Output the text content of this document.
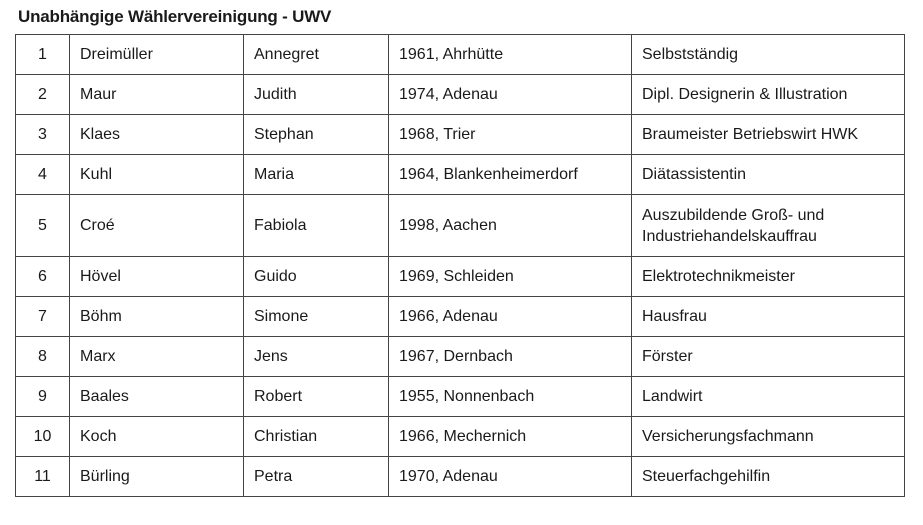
Unabhängige Wählervereinigung - UWV
1	Dreimüller	Annegret	1961, Ahrhütte	Selbstständig
2	Maur	Judith	1974, Adenau	Dipl. Designerin & Illustration
3	Klaes	Stephan	1968, Trier	Braumeister Betriebswirt HWK
4	Kuhl	Maria	1964, Blankenheimerdorf	Diätassistentin
5	Croé	Fabiola	1998, Aachen	Auszubildende Groß- und Industriehandelskauffrau
6	Hövel	Guido	1969, Schleiden	Elektrotechnikmeister
7	Böhm	Simone	1966, Adenau	Hausfrau
8	Marx	Jens	1967, Dernbach	Förster
9	Baales	Robert	1955, Nonnenbach	Landwirt
10	Koch	Christian	1966, Mechernich	Versicherungsfachmann
11	Bürling	Petra	1970, Adenau	Steuerfachgehilfin
